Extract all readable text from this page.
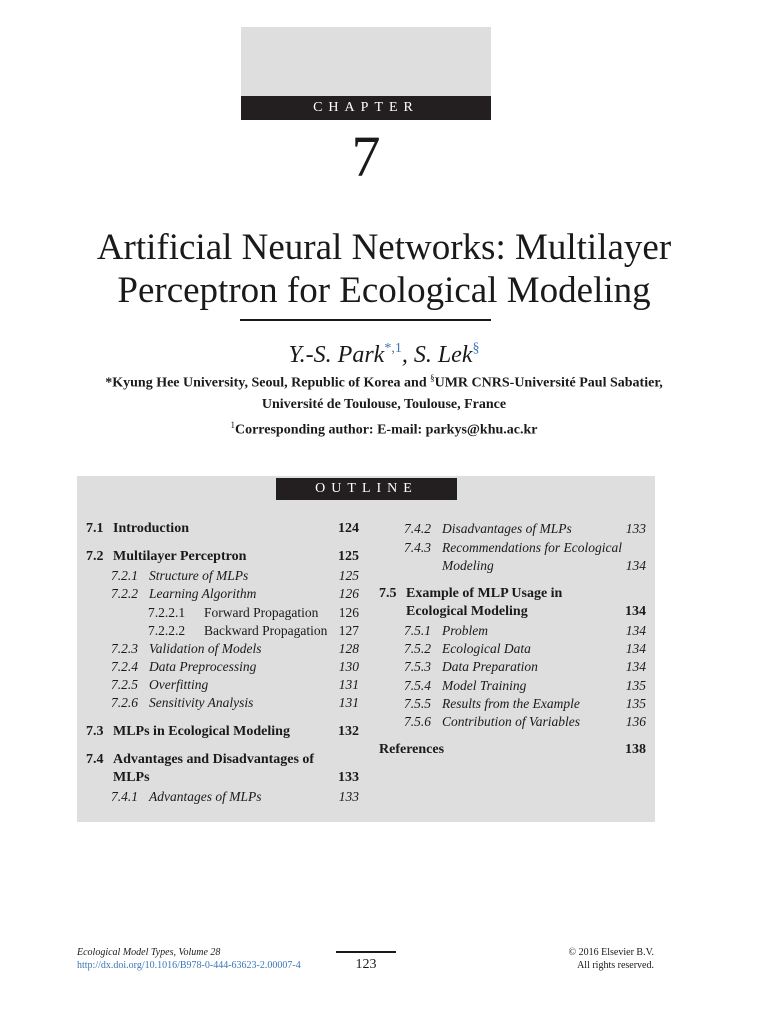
CHAPTER
7
Artificial Neural Networks: Multilayer
Perceptron for Ecological Modeling
Y.-S. Park$^{*,1}$, S. Lek§
*Kyung Hee University, Seoul, Republic of Korea and §UMR CNRS-Université Paul Sabatier,
Université de Toulouse, Toulouse, France
$^1$Corresponding author: E-mail: parkys@khu.ac.kr
OUTLINE
7.1 Introduction	124
7.2 Multilayer Perceptron	125
7.2.1 Structure of MLPs	125
7.2.2 Learning Algorithm	126
7.2.2.1 Forward Propagation	126
7.2.2.2 Backward Propagation 127
7.2.3 Validation of Models	128
7.2.4 Data Preprocessing	130
7.2.5 Overfitting	131
7.2.6 Sensitivity Analysis	131
7.3 MLPs in Ecological Modeling	132
7.4 Advantages and Disadvantages of
MLPs	133
7.4.1 Advantages of MLPs	133
7.4.2 Disadvantages of MLPs	133
7.4.3 Recommendations for Ecological
Modeling	134
7.5 Example of MLP Usage in
Ecological Modeling	134
7.5.1 Problem	134
7.5.2 Ecological Data	134
7.5.3 Data Preparation	134
7.5.4 Model Training	135
7.5.5 Results from the Example	135
7.5.6 Contribution of Variables	136
References	138
Ecological Model Types, Volume 28
http://dx.doi.org/10.1016/B978-0-444-63623-2.00007-4	123
© 2016 Elsevier B.V.
All rights reserved.
